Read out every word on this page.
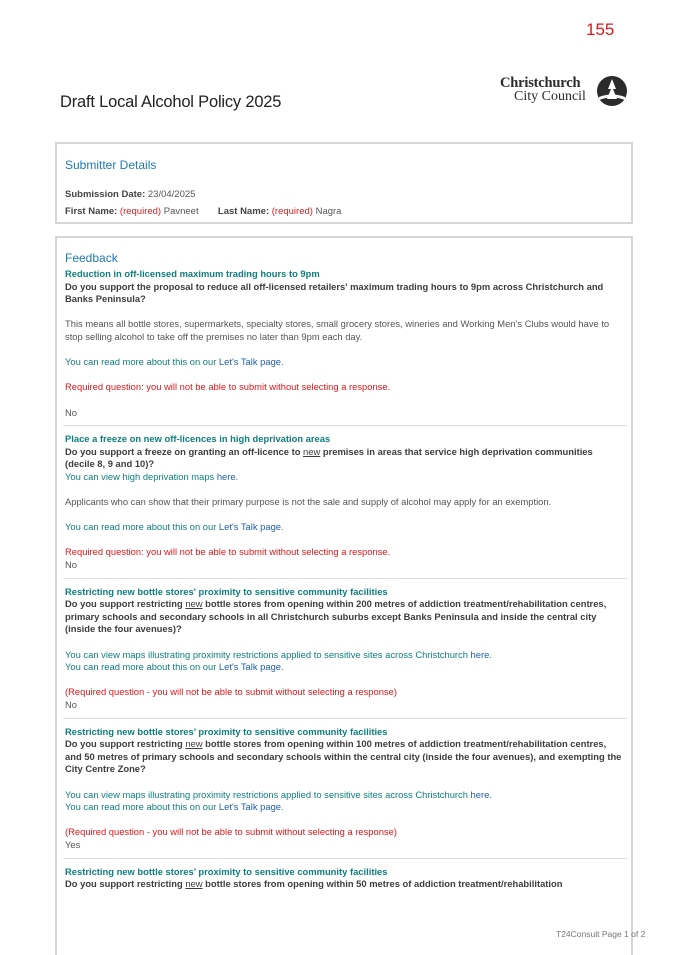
155
Draft Local Alcohol Policy 2025
Christchurch
City Council
Submitter Details
Submission Date: 23/04/2025
First Name: (required) Pavneet Last Name: (required) Nagra
Feedback
Reduction in off-licensed maximum trading hours to 9pm
Do you support the proposal to reduce all off-licensed retailers' maximum trading hours to 9pm across Christchurch and Banks Peninsula?
This means all bottle stores, supermarkets, specialty stores, small grocery stores, wineries and Working Men’s Clubs would have to stop selling alcohol to take off the premises no later than 9pm each day.
You can read more about this on our Let's Talk page.
Required question: you will not be able to submit without selecting a response.
No
Place a freeze on new off-licences in high deprivation areas
Do you support a freeze on granting an off-licence to new premises in areas that service high deprivation communities (decile 8, 9 and 10)?
You can view high deprivation maps here.
Applicants who can show that their primary purpose is not the sale and supply of alcohol may apply for an exemption.
You can read more about this on our Let's Talk page.
Required question: you will not be able to submit without selecting a response.
No
Restricting new bottle stores' proximity to sensitive community facilities
Do you support restricting new bottle stores from opening within 200 metres of addiction treatment/rehabilitation centres, primary schools and secondary schools in all Christchurch suburbs except Banks Peninsula and inside the central city (inside the four avenues)?
You can view maps illustrating proximity restrictions applied to sensitive sites across Christchurch here.
You can read more about this on our Let's Talk page.
(Required question - you will not be able to submit without selecting a response)
No
Restricting new bottle stores’ proximity to sensitive community facilities
Do you support restricting new bottle stores from opening within 100 metres of addiction treatment/rehabilitation centres, and 50 metres of primary schools and secondary schools within the central city (inside the four avenues), and exempting the City Centre Zone?
You can view maps illustrating proximity restrictions applied to sensitive sites across Christchurch here.
You can read more about this on our Let's Talk page.
(Required question - you will not be able to submit without selecting a response)
Yes
Restricting new bottle stores’ proximity to sensitive community facilities
Do you support restricting new bottle stores from opening within 50 metres of addiction treatment/rehabilitation
T24Consult Page 1 of 2
